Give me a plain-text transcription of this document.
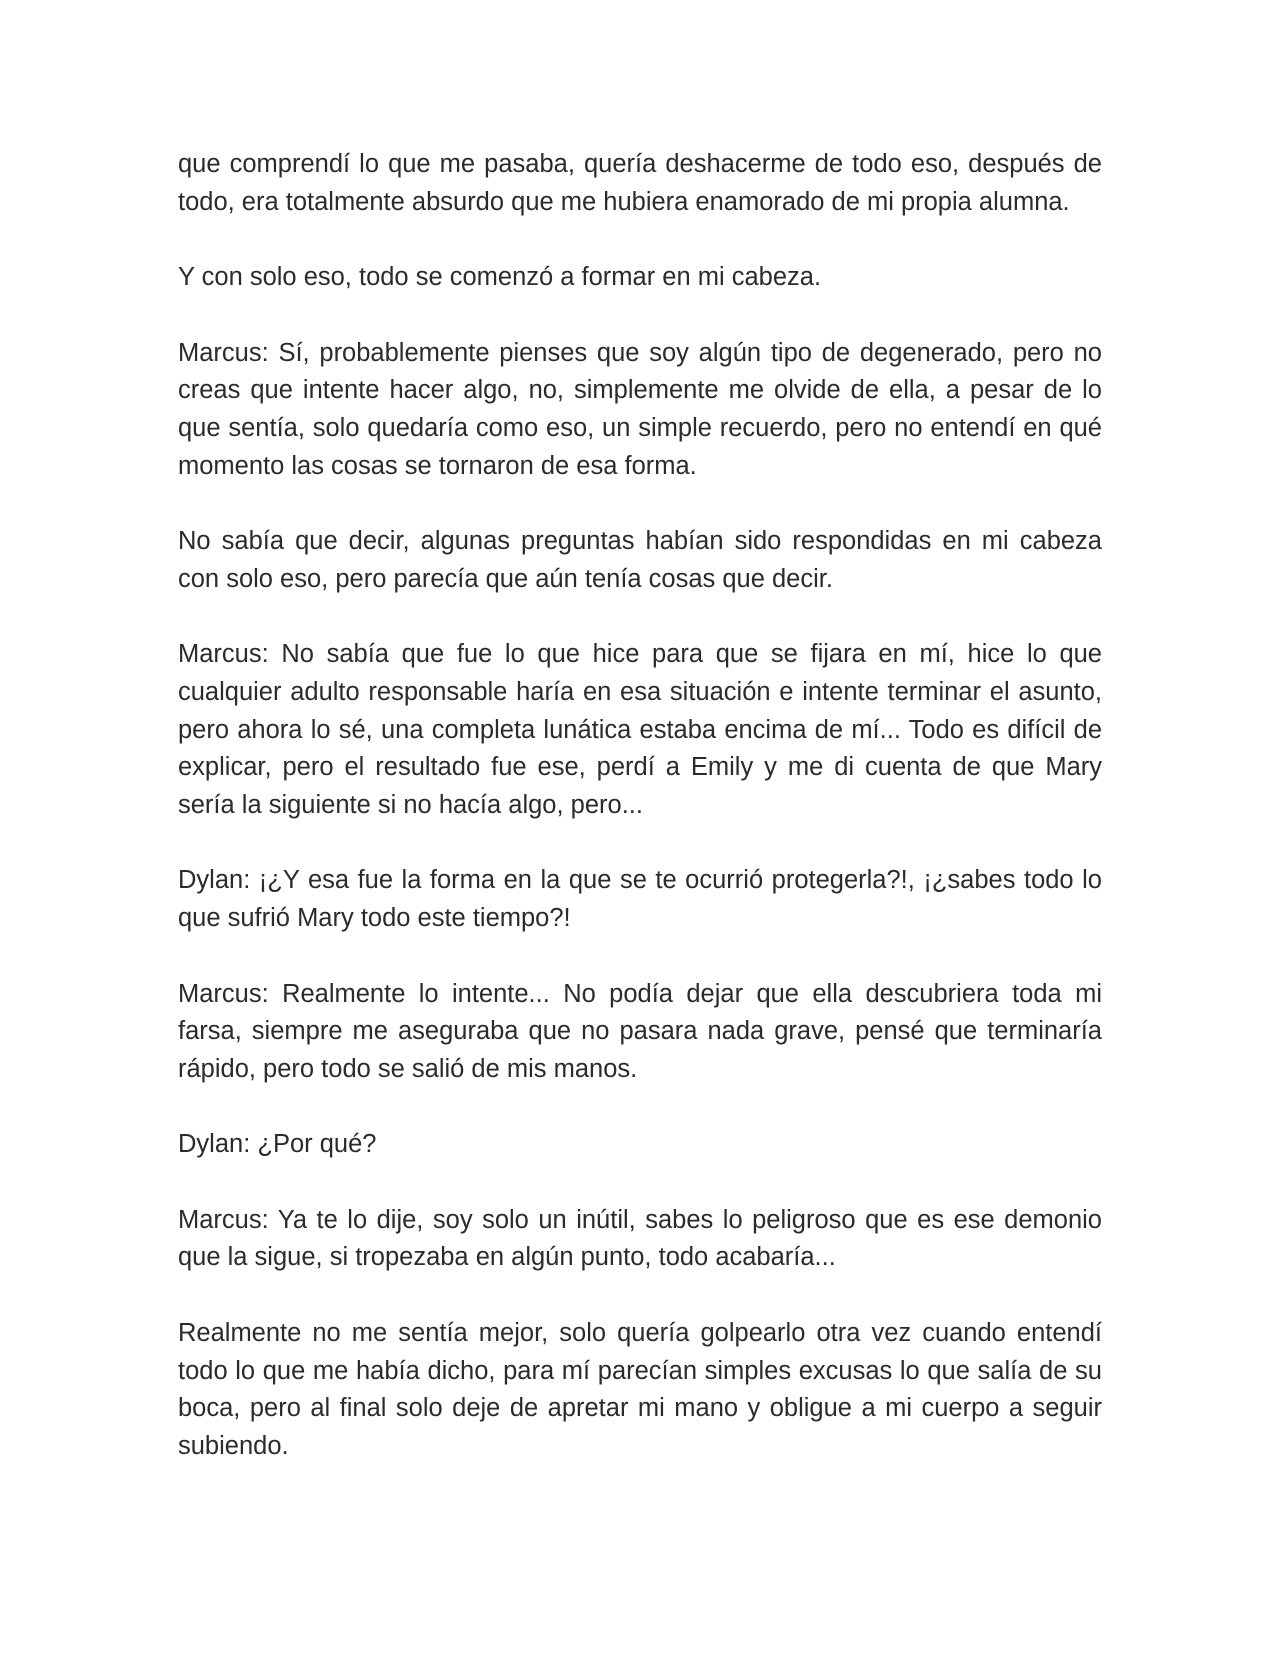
que comprendí lo que me pasaba, quería deshacerme de todo eso, después de todo, era totalmente absurdo que me hubiera enamorado de mi propia alumna.

Y con solo eso, todo se comenzó a formar en mi cabeza.

Marcus: Sí, probablemente pienses que soy algún tipo de degenerado, pero no creas que intente hacer algo, no, simplemente me olvide de ella, a pesar de lo que sentía, solo quedaría como eso, un simple recuerdo, pero no entendí en qué momento las cosas se tornaron de esa forma.

No sabía que decir, algunas preguntas habían sido respondidas en mi cabeza con solo eso, pero parecía que aún tenía cosas que decir.

Marcus: No sabía que fue lo que hice para que se fijara en mí, hice lo que cualquier adulto responsable haría en esa situación e intente terminar el asunto, pero ahora lo sé, una completa lunática estaba encima de mí... Todo es difícil de explicar, pero el resultado fue ese, perdí a Emily y me di cuenta de que Mary sería la siguiente si no hacía algo, pero...

Dylan: ¡¿Y esa fue la forma en la que se te ocurrió protegerla?!, ¡¿sabes todo lo que sufrió Mary todo este tiempo?!

Marcus: Realmente lo intente... No podía dejar que ella descubriera toda mi farsa, siempre me aseguraba que no pasara nada grave, pensé que terminaría rápido, pero todo se salió de mis manos.

Dylan: ¿Por qué?

Marcus: Ya te lo dije, soy solo un inútil, sabes lo peligroso que es ese demonio que la sigue, si tropezaba en algún punto, todo acabaría...

Realmente no me sentía mejor, solo quería golpearlo otra vez cuando entendí todo lo que me había dicho, para mí parecían simples excusas lo que salía de su boca, pero al final solo deje de apretar mi mano y obligue a mi cuerpo a seguir subiendo.
